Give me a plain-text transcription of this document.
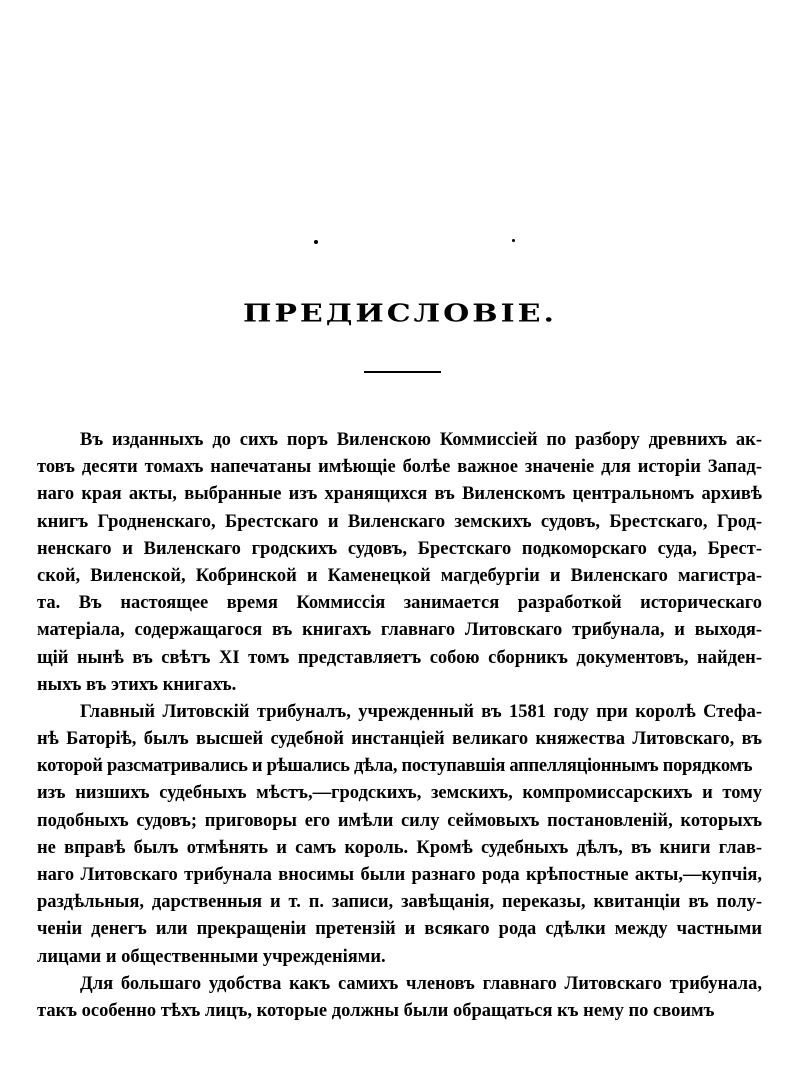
ПРЕДИСЛОВІЕ.
Въ изданныхъ до сихъ поръ Виленскою Коммиссіей по разбору древнихъ ак-
товъ десяти томахъ напечатаны имѣющіе болѣе важное значеніе для исторіи Запад-
наго края акты, выбранные изъ хранящихся въ Виленскомъ центральномъ архивѣ
книгъ Гродненскаго, Брестскаго и Виленскаго земскихъ судовъ, Брестскаго, Грод-
ненскаго и Виленскаго гродскихъ судовъ, Брестскаго подкоморскаго суда, Брест-
ской, Виленской, Кобринской и Каменецкой магдебургіи и Виленскаго магистра-
та. Въ настоящее время Коммиссія занимается разработкой историческаго
матеріала, содержащагося въ книгахъ главнаго Литовскаго трибунала, и выходя-
щій нынѣ въ свѣтъ XI томъ представляетъ собою сборникъ документовъ, найден-
ныхъ въ этихъ книгахъ.
Главный Литовскій трибуналъ, учрежденный въ 1581 году при королѣ Стефа-
нѣ Баторіѣ, былъ высшей судебной инстанціей великаго княжества Литовскаго, въ
которой разсматривались и рѣшались дѣла, поступавшія аппелляціоннымъ порядкомъ
изъ низшихъ судебныхъ мѣстъ,—гродскихъ, земскихъ, компромиссарскихъ и тому
подобныхъ судовъ; приговоры его имѣли силу сеймовыхъ постановленій, которыхъ
не вправѣ былъ отмѣнять и самъ король. Кромѣ судебныхъ дѣлъ, въ книги глав-
наго Литовскаго трибунала вносимы были разнаго рода крѣпостные акты,—купчія,
раздѣльныя, дарственныя и т. п. записи, завѣщанія, переказы, квитанціи въ полу-
ченіи денегъ или прекращеніи претензій и всякаго рода сдѣлки между частными
лицами и общественными учрежденіями.
Для большаго удобства какъ самихъ членовъ главнаго Литовскаго трибунала,
такъ особенно тѣхъ лицъ, которые должны были обращаться къ нему по своимъ
